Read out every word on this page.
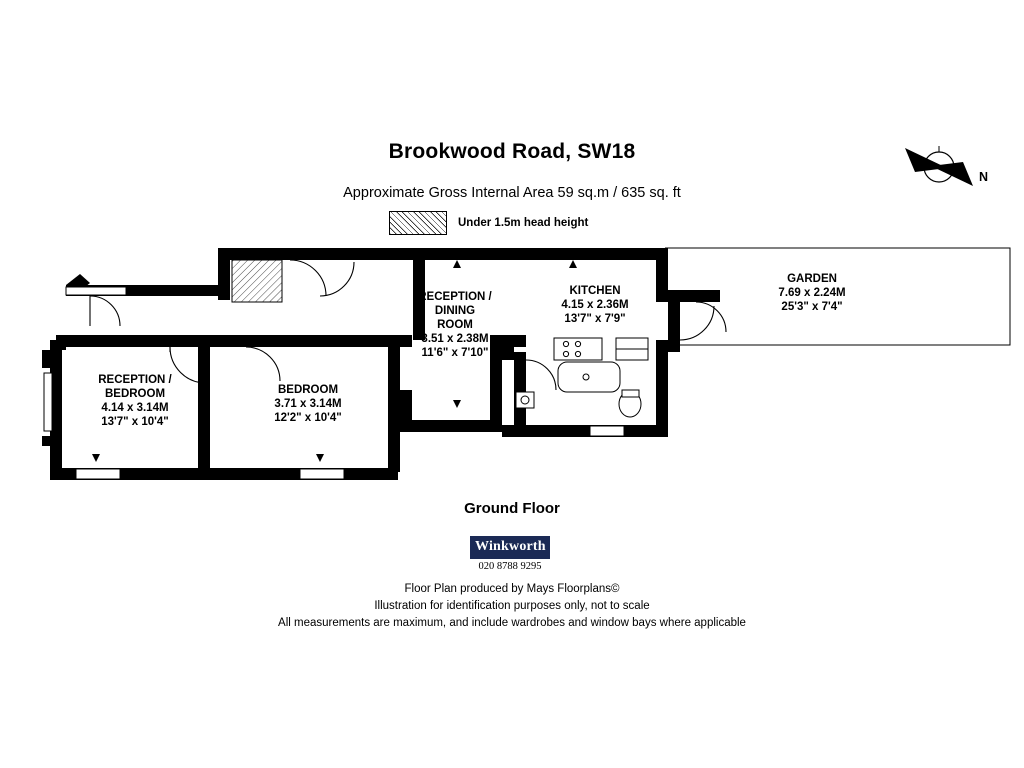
Brookwood Road, SW18
Approximate Gross Internal Area 59 sq.m / 635 sq. ft
Under 1.5m head height
N
RECEPTION /
BEDROOM
4.14 x 3.14M
13'7" x 10'4"
BEDROOM
3.71 x 3.14M
12'2" x 10'4"
RECEPTION /
DINING
ROOM
3.51 x 2.38M
11'6" x 7'10"
KITCHEN
4.15 x 2.36M
13'7" x 7'9"
GARDEN
7.69 x 2.24M
25'3" x 7'4"
Ground Floor
Winkworth
020 8788 9295
Floor Plan produced by Mays Floorplans©
Illustration for identification purposes only, not to scale
All measurements are maximum, and include wardrobes and window bays where applicable
